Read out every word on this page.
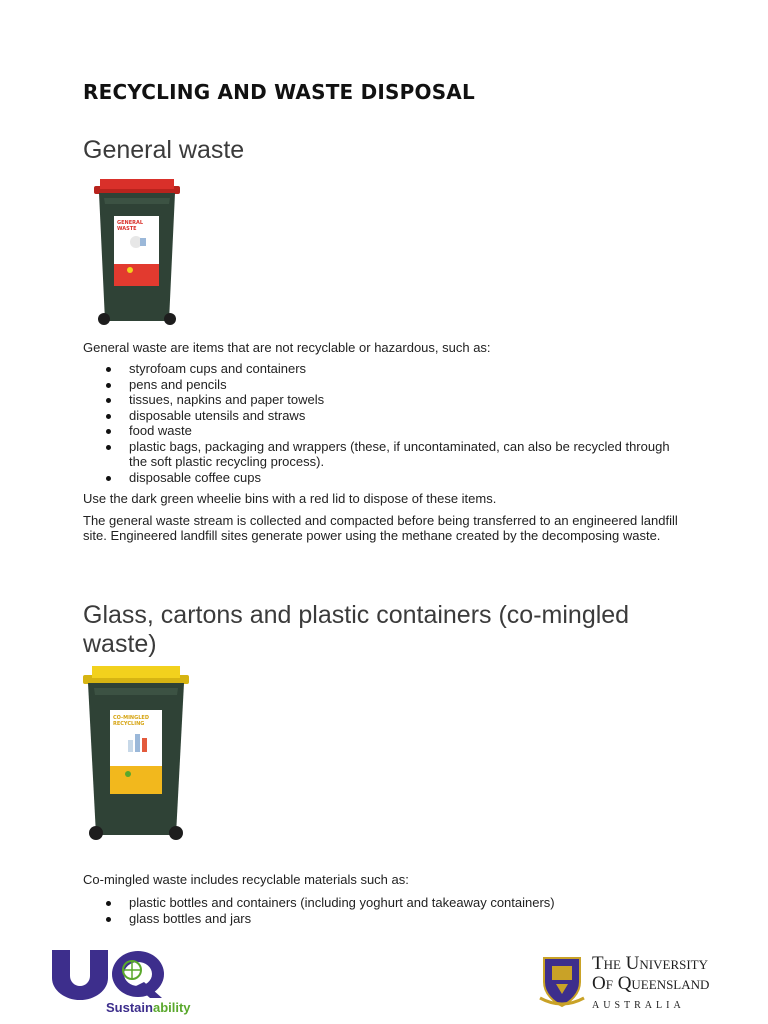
RECYCLING AND WASTE DISPOSAL
General waste
GENERAL
WASTE

General waste are items that are not recyclable or hazardous, such as:

styrofoam cups and containers
pens and pencils
tissues, napkins and paper towels
disposable utensils and straws
food waste
plastic bags, packaging and wrappers (these, if uncontaminated, can also be recycled through the soft plastic recycling process).
disposable coffee cups

Use the dark green wheelie bins with a red lid to dispose of these items.

The general waste stream is collected and compacted before being transferred to an engineered landfill site. Engineered landfill sites generate power using the methane created by the decomposing waste.

Glass, cartons and plastic containers (co-mingled
waste)
CO-MINGLED
RECYCLING

Co-mingled waste includes recyclable materials such as:

plastic bottles and containers (including yoghurt and takeaway containers)
glass bottles and jars
Sustainability
The University
Of Queensland
AUSTRALIA
